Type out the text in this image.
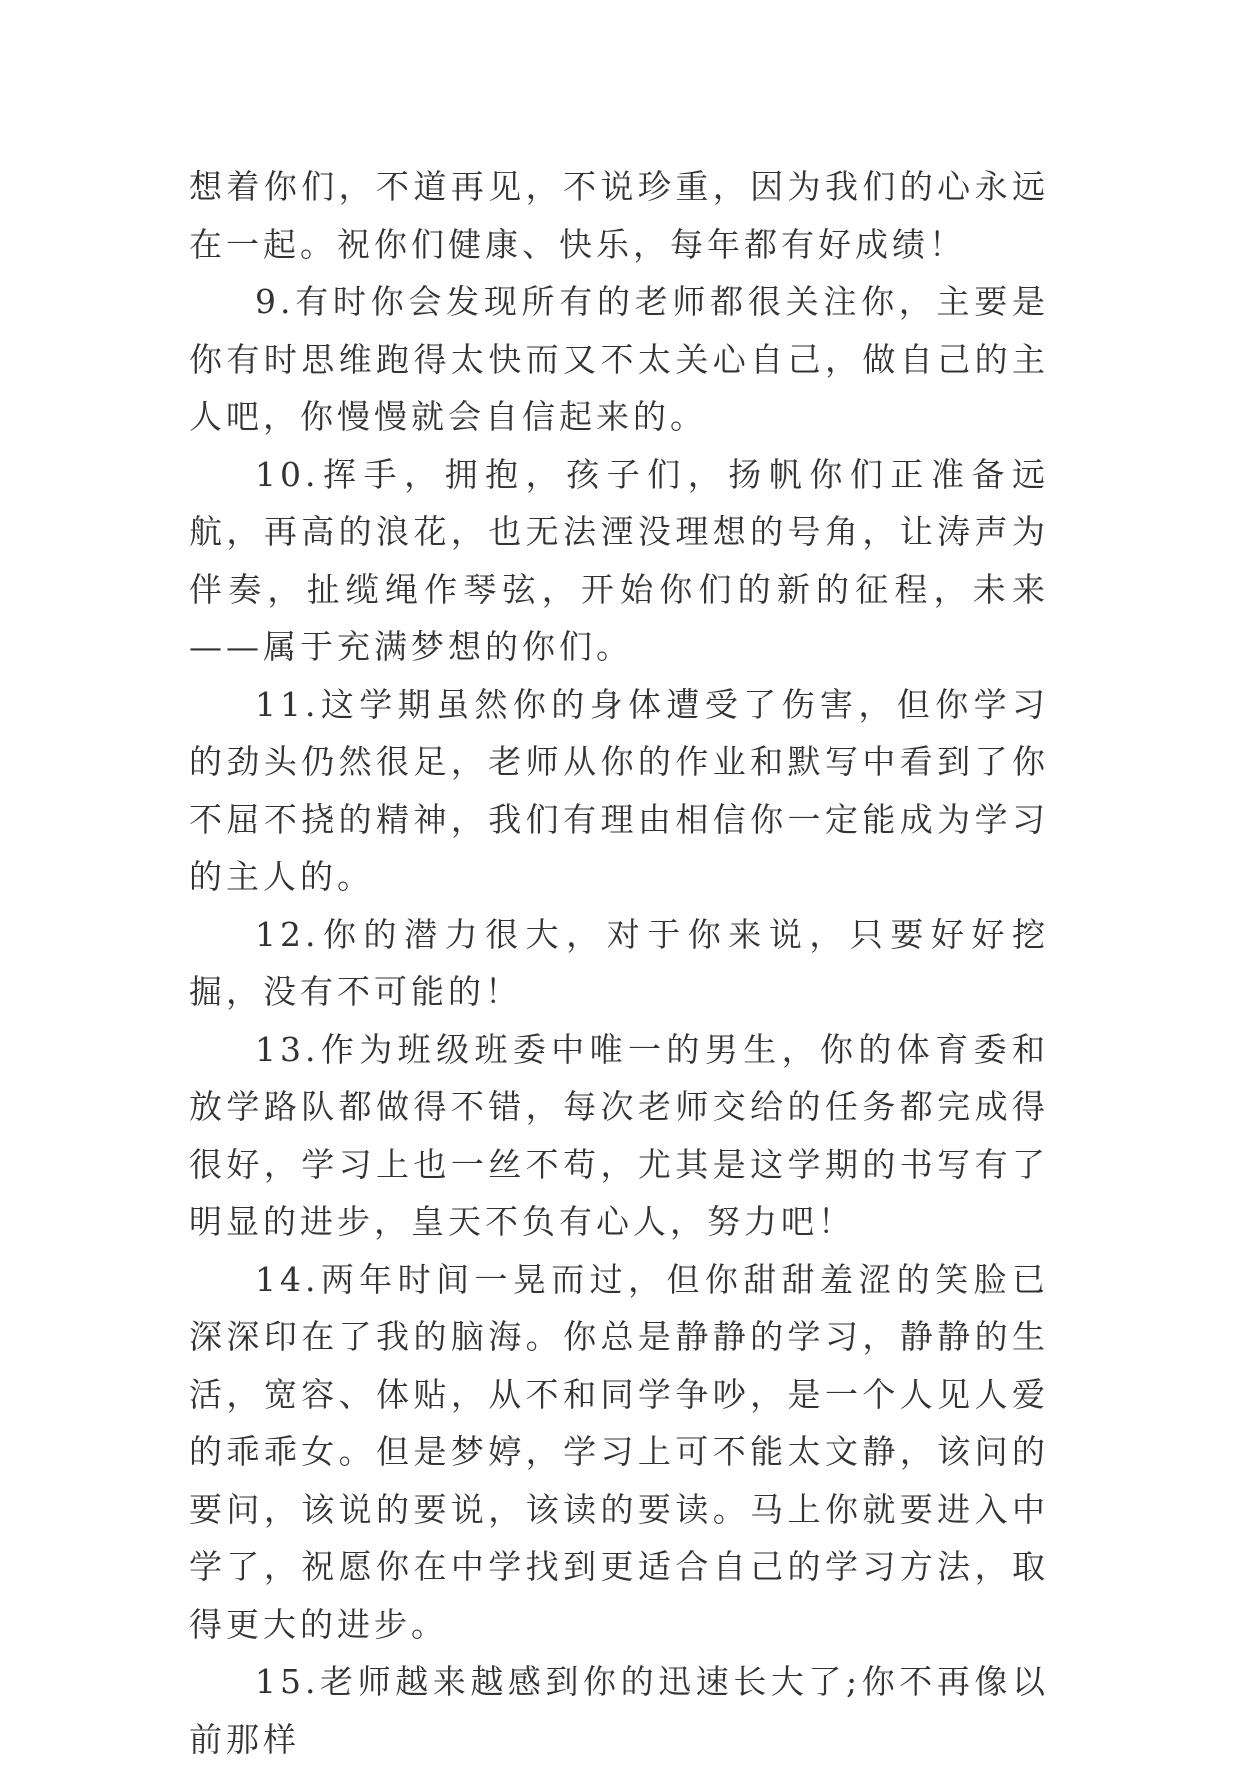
想着你们，不道再见，不说珍重，因为我们的心永远在一起。祝你们健康、快乐，每年都有好成绩！

9.有时你会发现所有的老师都很关注你，主要是你有时思维跑得太快而又不太关心自己，做自己的主人吧，你慢慢就会自信起来的。

10.挥手，拥抱，孩子们，扬帆你们正准备远航，再高的浪花，也无法湮没理想的号角，让涛声为伴奏，扯缆绳作琴弦，开始你们的新的征程，未来——属于充满梦想的你们。

11.这学期虽然你的身体遭受了伤害，但你学习的劲头仍然很足，老师从你的作业和默写中看到了你不屈不挠的精神，我们有理由相信你一定能成为学习的主人的。

12.你的潜力很大，对于你来说，只要好好挖掘，没有不可能的！

13.作为班级班委中唯一的男生，你的体育委和放学路队都做得不错，每次老师交给的任务都完成得很好，学习上也一丝不苟，尤其是这学期的书写有了明显的进步，皇天不负有心人，努力吧！

14.两年时间一晃而过，但你甜甜羞涩的笑脸已深深印在了我的脑海。你总是静静的学习，静静的生活，宽容、体贴，从不和同学争吵，是一个人见人爱的乖乖女。但是梦婷，学习上可不能太文静，该问的要问，该说的要说，该读的要读。马上你就要进入中学了，祝愿你在中学找到更适合自己的学习方法，取得更大的进步。

15.老师越来越感到你的迅速长大了;你不再像以前那样
